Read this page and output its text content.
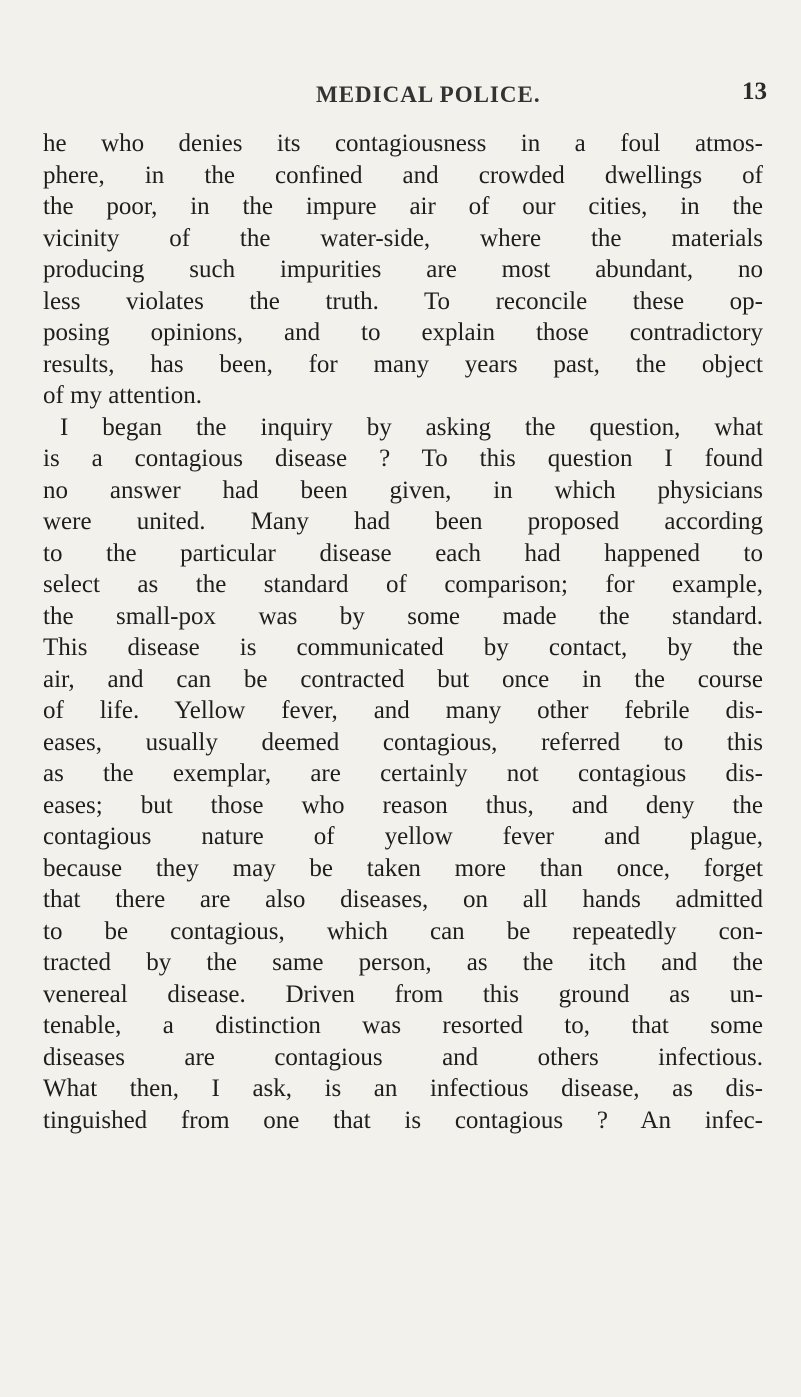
MEDICAL POLICE.	13
he who denies its contagiousness in a foul atmos-
phere, in the confined and crowded dwellings of
the poor, in the impure air of our cities, in the
vicinity of the water-side, where the materials
producing such impurities are most abundant, no
less violates the truth. To reconcile these op-
posing opinions, and to explain those contradictory
results, has been, for many years past, the object
of my attention.
I began the inquiry by asking the question, what
is a contagious disease ? To this question I found
no answer had been given, in which physicians
were united. Many had been proposed according
to the particular disease each had happened to
select as the standard of comparison; for example,
the small-pox was by some made the standard.
This disease is communicated by contact, by the
air, and can be contracted but once in the course
of life. Yellow fever, and many other febrile dis-
eases, usually deemed contagious, referred to this
as the exemplar, are certainly not contagious dis-
eases; but those who reason thus, and deny the
contagious nature of yellow fever and plague,
because they may be taken more than once, forget
that there are also diseases, on all hands admitted
to be contagious, which can be repeatedly con-
tracted by the same person, as the itch and the
venereal disease. Driven from this ground as un-
tenable, a distinction was resorted to, that some
diseases are contagious and others infectious.
What then, I ask, is an infectious disease, as dis-
tinguished from one that is contagious ? An infec-
